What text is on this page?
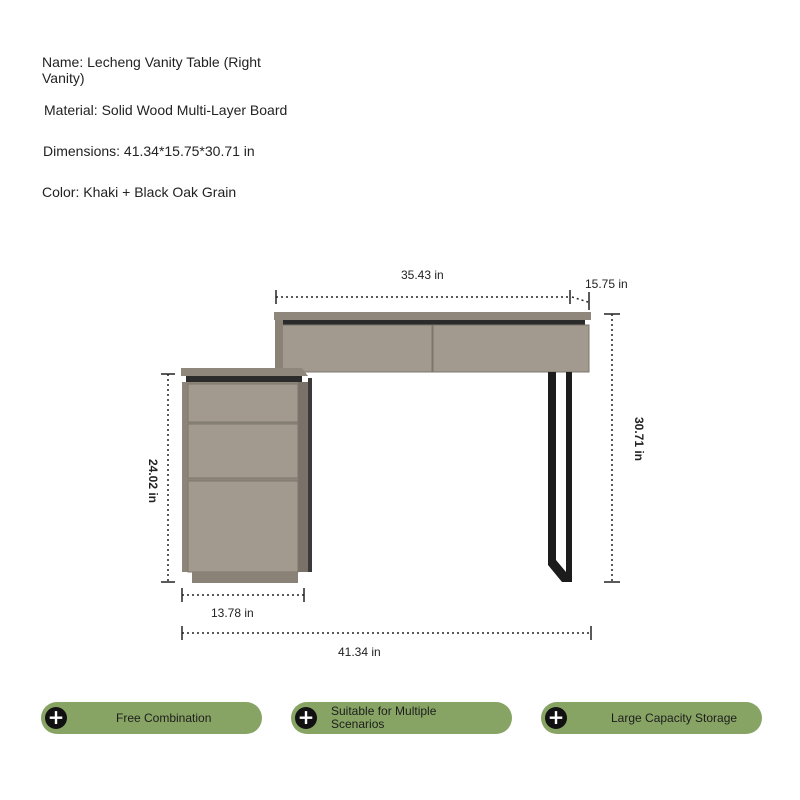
Name: Lecheng Vanity Table (Right Vanity)
Material: Solid Wood Multi-Layer Board
Dimensions: 41.34*15.75*30.71 in
Color: Khaki + Black Oak Grain
35.43 in
15.75 in
30.71 in
24.02 in
13.78 in
41.34 in
+	Free Combination	+ Suitable for Multiple Scenarios	+	Large Capacity Storage
